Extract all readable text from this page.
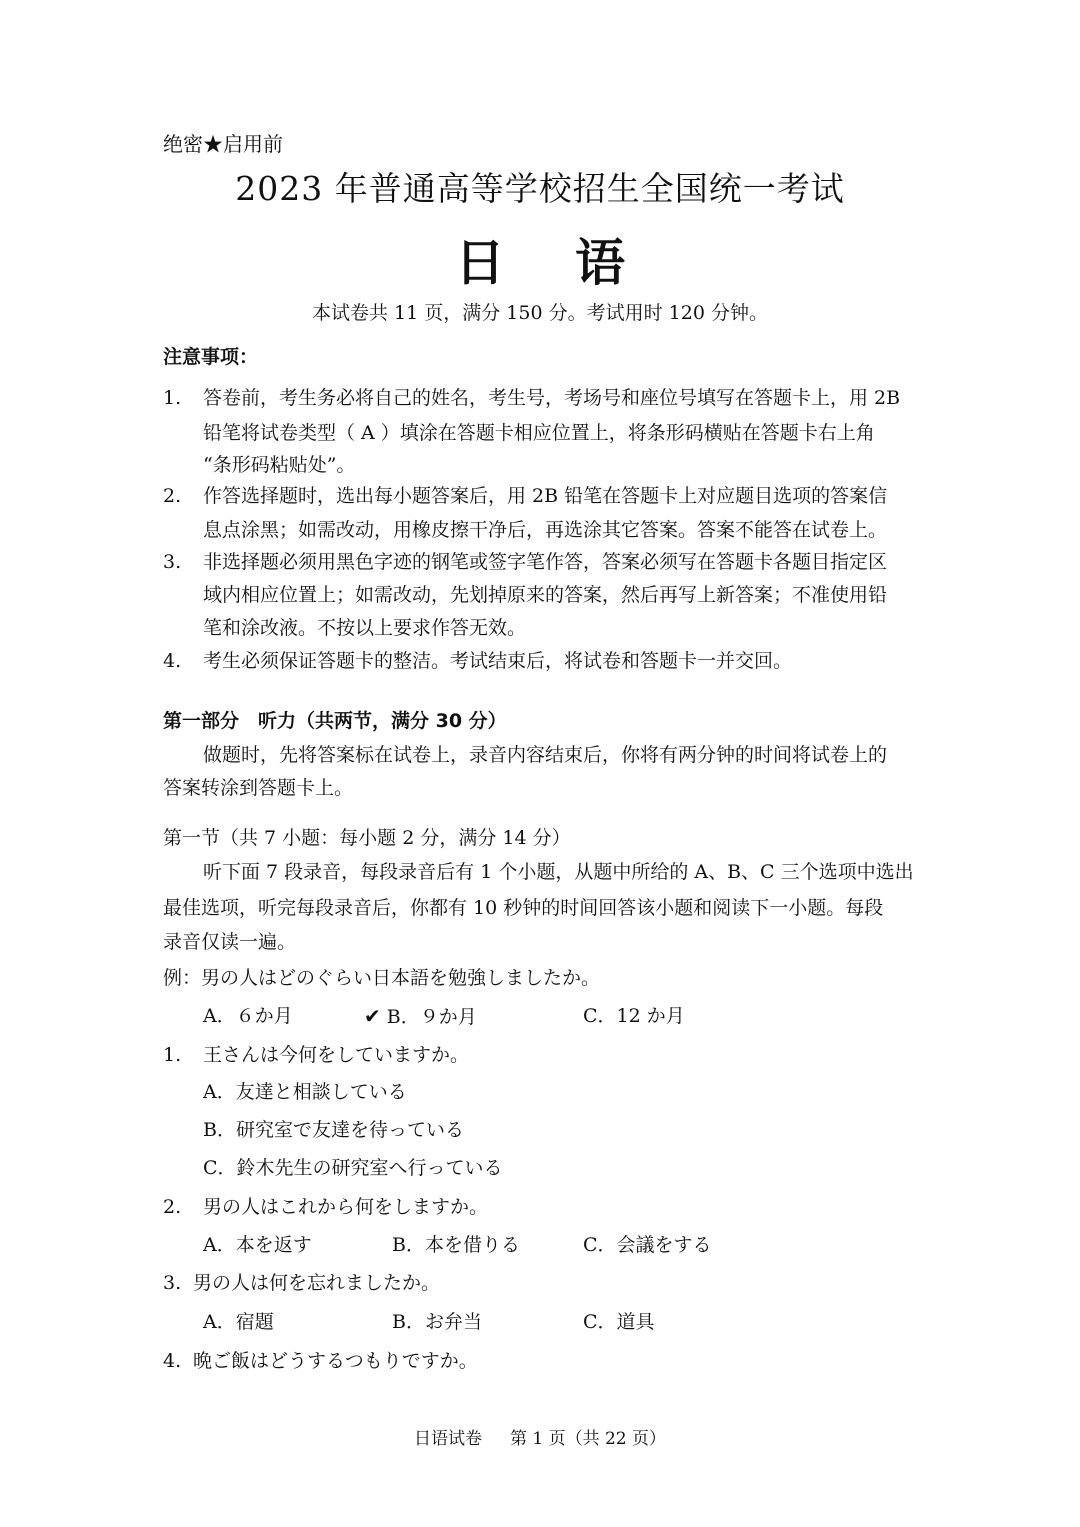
绝密★启用前
2023 年普通高等学校招生全国统一考试
日语
本试卷共 11 页，满分 150 分。考试用时 120 分钟。
注意事项：
1. 答卷前，考生务必将自己的姓名，考生号，考场号和座位号填写在答题卡上，用 2B
铅笔将试卷类型（ A ）填涂在答题卡相应位置上，将条形码横贴在答题卡右上角
“条形码粘贴处”。
2. 作答选择题时，选出每小题答案后，用 2B 铅笔在答题卡上对应题目选项的答案信
息点涂黑；如需改动，用橡皮擦干净后，再选涂其它答案。答案不能答在试卷上。
3. 非选择题必须用黑色字迹的钢笔或签字笔作答，答案必须写在答题卡各题目指定区
域内相应位置上；如需改动，先划掉原来的答案，然后再写上新答案；不准使用铅
笔和涂改液。不按以上要求作答无效。
4. 考生必须保证答题卡的整洁。考试结束后，将试卷和答题卡一并交回。
第一部分　听力（共两节，满分 30 分）
做题时，先将答案标在试卷上，录音内容结束后，你将有两分钟的时间将试卷上的
答案转涂到答题卡上。
第一节（共 7 小题：每小题 2 分，满分 14 分）
听下面 7 段录音，每段录音后有 1 个小题，从题中所给的 A、B、C 三个选项中选出
最佳选项，听完每段录音后，你都有 10 秒钟的时间回答该小题和阅读下一小题。每段
录音仅读一遍。
例：男の人はどのぐらい日本語を勉強しましたか。
A．６か月	✔ B．９か月	C．12 か月
1. 王さんは今何をしていますか。
A．友達と相談している
B．研究室で友達を待っている
C．鈴木先生の研究室へ行っている
2. 男の人はこれから何をしますか。
A．本を返す	B．本を借りる	C．会議をする
3. 男の人は何を忘れましたか。
A．宿題	B．お弁当	C．道具
4. 晩ご飯はどうするつもりですか。
日语试卷 第 1 页（共 22 页）
